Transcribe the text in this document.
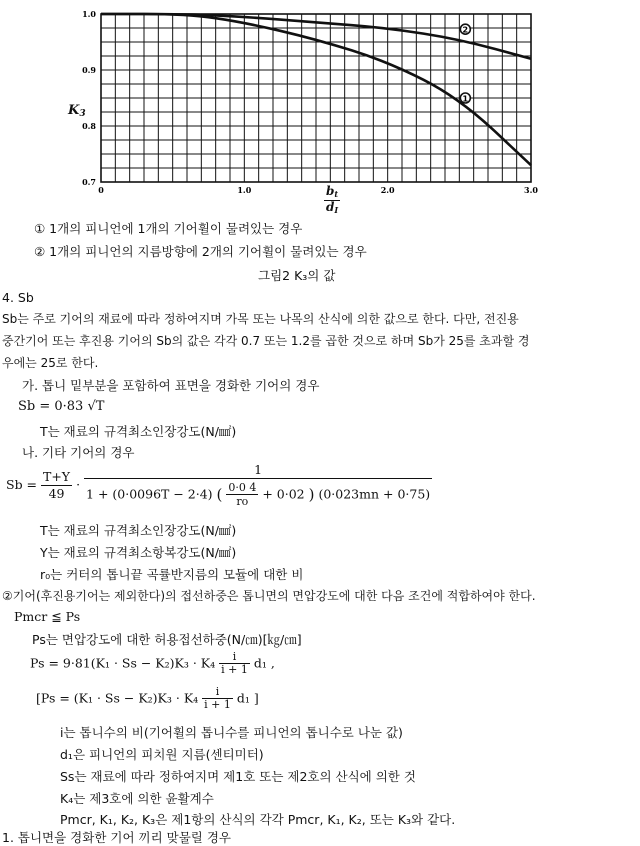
2
1
1.0
0.9
0.8
0.7
0	1.0	2.0	3.0
$K_3$
$b_t$
$d_I$
① 1개의 피니언에 1개의 기어휠이 물려있는 경우
② 1개의 피니언의 지름방향에 2개의 기어휠이 물려있는 경우
그림2 K₃의 값
4. Sb
Sb는 주로 기어의 재료에 따라 정하여지며 가목 또는 나목의 산식에 의한 값으로 한다. 다만, 전진용
중간기어 또는 후진용 기어의 Sb의 값은 각각 0.7 또는 1.2를 곱한 것으로 하며 Sb가 25를 초과할 경
우에는 25로 한다.
가. 톱니 밑부분을 포함하여 표면을 경화한 기어의 경우
Sb = 0·83 √T
T는 재료의 규격최소인장강도(N/㎟)
나. 기타 기어의 경우
$Sb = \frac{T+Y}{49}$ ·
1
1 + (0·0096T − 2·4) ( $\frac{0\cdot 0 4}{ro} + 0\cdot 02$ ) (0·023mn + 0·75)
T는 재료의 규격최소인장강도(N/㎟)
Y는 재료의 규격최소항복강도(N/㎟)
r₀는 커터의 톱니끝 곡률반지름의 모듈에 대한 비
②기어(후진용기어는 제외한다)의 접선하중은 톱니면의 면압강도에 대한 다음 조건에 적합하여야 한다.
Pmcr ≦ Ps
Ps는 면압강도에 대한 허용접선하중(N/㎝)[㎏/㎝]
$Ps = 9\cdot 81(K_1 \cdot Ss - K_2)K_3 \cdot K_4 \frac{i}{i + 1} d_1$ ,
[$Ps = (K_1 \cdot Ss - K_2)K_3 \cdot K_4 \frac{i}{i + 1} d_1$ ]
i는 톱니수의 비(기어휠의 톱니수를 피니언의 톱니수로 나눈 값)
d₁은 피니언의 피치원 지름(센티미터)
Ss는 재료에 따라 정하여지며 제1호 또는 제2호의 산식에 의한 것
K₄는 제3호에 의한 윤활계수
Pmcr, K₁, K₂, K₃은 제1항의 산식의 각각 Pmcr, K₁, K₂, 또는 K₃와 같다.
1. 톱니면을 경화한 기어 끼리 맞물릴 경우
